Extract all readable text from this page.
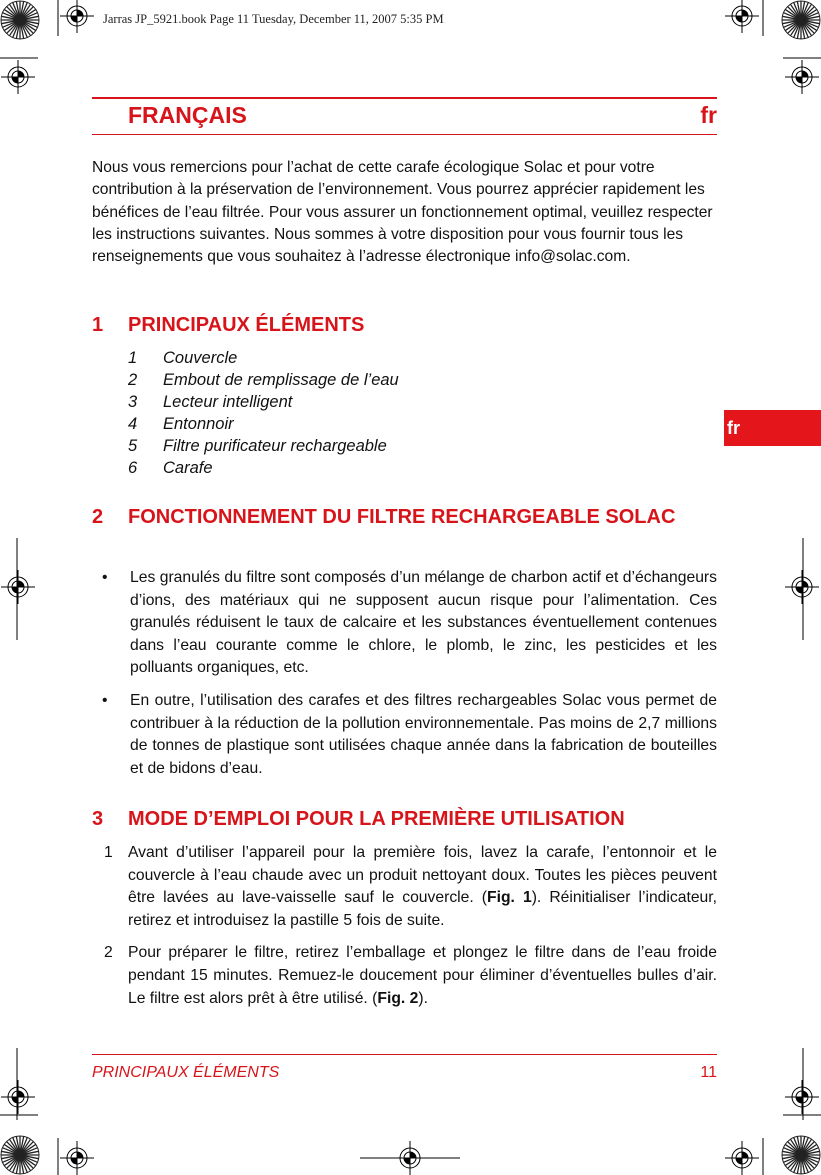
Jarras JP_5921.book Page 11 Tuesday, December 11, 2007 5:35 PM
FRANÇAIS	fr
Nous vous remercions pour l’achat de cette carafe écologique Solac et pour votre contribution à la préservation de l’environnement. Vous pourrez apprécier rapidement les bénéfices de l’eau filtrée. Pour vous assurer un fonctionnement optimal, veuillez respecter les instructions suivantes. Nous sommes à votre disposition pour vous fournir tous les renseignements que vous souhaitez à l’adresse électronique info@solac.com.
fr
1 PRINCIPAUX ÉLÉMENTS
1	Couvercle
2	Embout de remplissage de l’eau
3	Lecteur intelligent
4	Entonnoir
5	Filtre purificateur rechargeable
6	Carafe
2 FONCTIONNEMENT DU FILTRE RECHARGEABLE SOLAC
•	Les granulés du filtre sont composés d’un mélange de charbon actif et d’échangeurs d’ions, des matériaux qui ne supposent aucun risque pour l’alimentation. Ces granulés réduisent le taux de calcaire et les substances éventuellement contenues dans l’eau courante comme le chlore, le plomb, le zinc, les pesticides et les polluants organiques, etc.
•	En outre, l’utilisation des carafes et des filtres rechargeables Solac vous permet de contribuer à la réduction de la pollution environnementale. Pas moins de 2,7 millions de tonnes de plastique sont utilisées chaque année dans la fabrication de bouteilles et de bidons d’eau.
3 MODE D’EMPLOI POUR LA PREMIÈRE UTILISATION
1 Avant d’utiliser l’appareil pour la première fois, lavez la carafe, l’entonnoir et le couvercle à l’eau chaude avec un produit nettoyant doux. Toutes les pièces peuvent être lavées au lave-vaisselle sauf le couvercle. (Fig. 1). Réinitialiser l’indicateur, retirez et introduisez la pastille 5 fois de suite.
2 Pour préparer le filtre, retirez l’emballage et plongez le filtre dans de l’eau froide pendant 15 minutes. Remuez-le doucement pour éliminer d’éventuelles bulles d’air. Le filtre est alors prêt à être utilisé. (Fig. 2).
PRINCIPAUX ÉLÉMENTS	11
